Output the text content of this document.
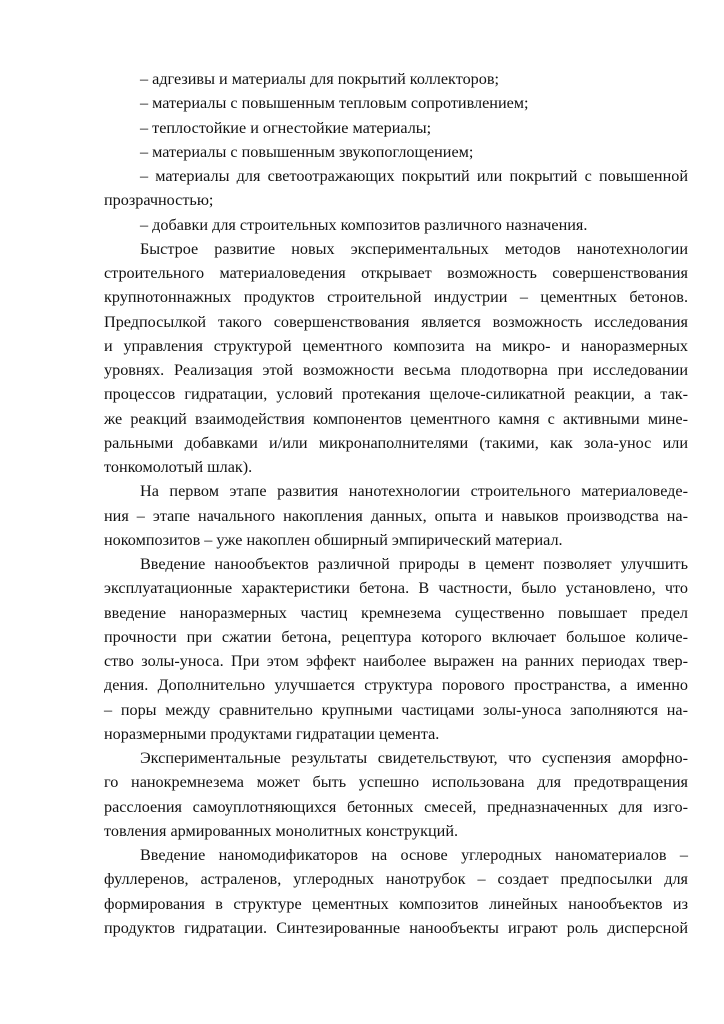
– адгезивы и материалы для покрытий коллекторов;
– материалы с повышенным тепловым сопротивлением;
– теплостойкие и огнестойкие материалы;
– материалы с повышенным звукопоглощением;
– материалы для светоотражающих покрытий или покрытий с повышенной
прозрачностью;
– добавки для строительных композитов различного назначения.
Быстрое развитие новых экспериментальных методов нанотехнологии
строительного материаловедения открывает возможность совершенствования
крупнотоннажных продуктов строительной индустрии – цементных бетонов.
Предпосылкой такого совершенствования является возможность исследования
и управления структурой цементного композита на микро- и наноразмерных
уровнях. Реализация этой возможности весьма плодотворна при исследовании
процессов гидратации, условий протекания щелоче-силикатной реакции, а так-
же реакций взаимодействия компонентов цементного камня с активными мине-
ральными добавками и/или микронаполнителями (такими, как зола-унос или
тонкомолотый шлак).
На первом этапе развития нанотехнологии строительного материаловеде-
ния – этапе начального накопления данных, опыта и навыков производства на-
нокомпозитов – уже накоплен обширный эмпирический материал.
Введение нанообъектов различной природы в цемент позволяет улучшить
эксплуатационные характеристики бетона. В частности, было установлено, что
введение наноразмерных частиц кремнезема существенно повышает предел
прочности при сжатии бетона, рецептура которого включает большое количе-
ство золы-уноса. При этом эффект наиболее выражен на ранних периодах твер-
дения. Дополнительно улучшается структура порового пространства, а именно
– поры между сравнительно крупными частицами золы-уноса заполняются на-
норазмерными продуктами гидратации цемента.
Экспериментальные результаты свидетельствуют, что суспензия аморфно-
го нанокремнезема может быть успешно использована для предотвращения
расслоения самоуплотняющихся бетонных смесей, предназначенных для изго-
товления армированных монолитных конструкций.
Введение наномодификаторов на основе углеродных наноматериалов –
фуллеренов, астраленов, углеродных нанотрубок – создает предпосылки для
формирования в структуре цементных композитов линейных нанообъектов из
продуктов гидратации. Синтезированные нанообъекты играют роль дисперсной
